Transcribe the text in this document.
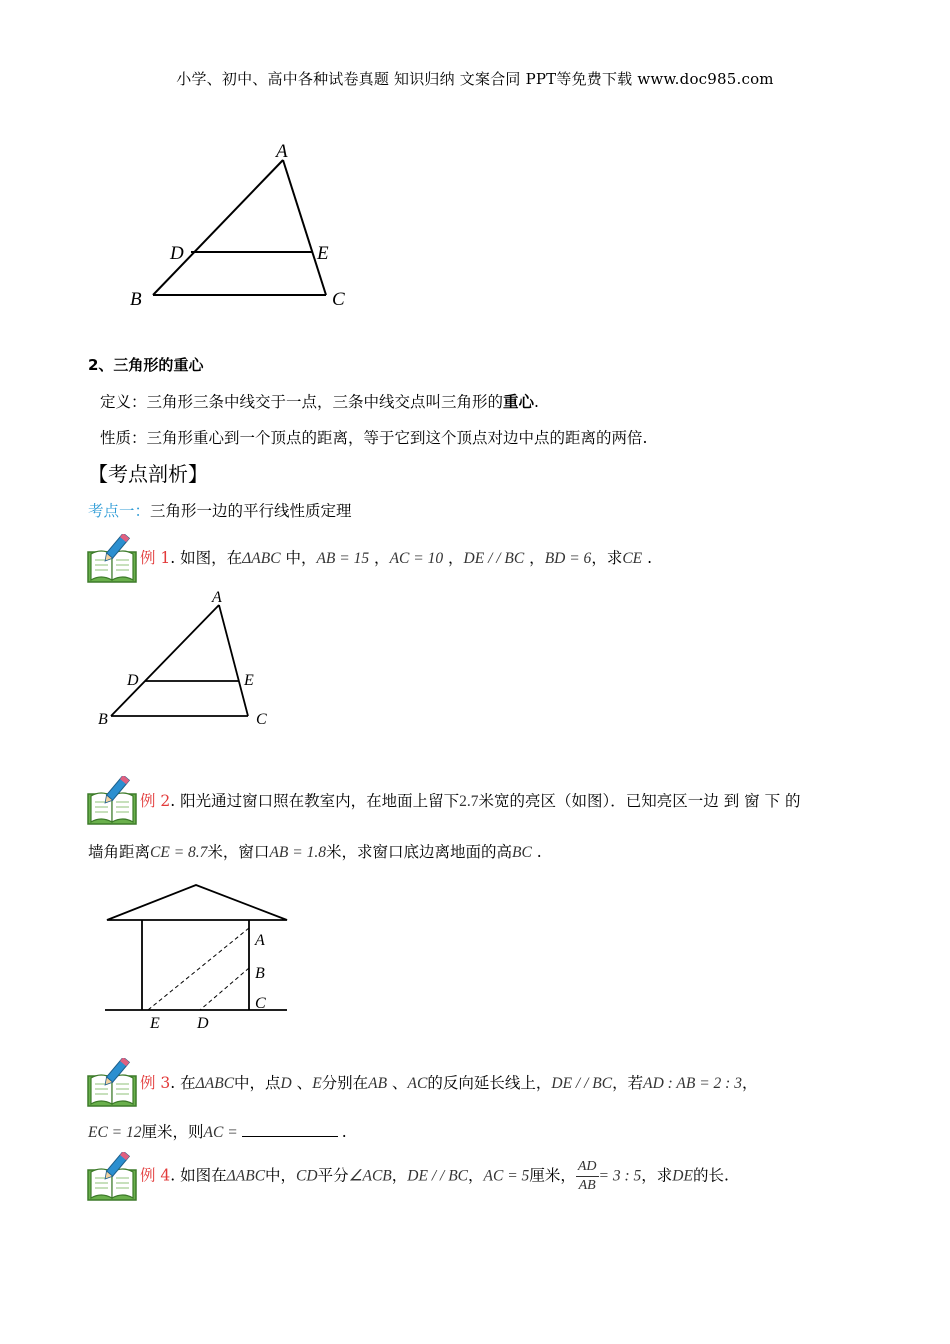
小学、初中、高中各种试卷真题 知识归纳 文案合同 PPT等免费下载 www.doc985.com
A
D	E
B	C
2、三角形的重心
定义：三角形三条中线交于一点，三条中线交点叫三角形的重心.
性质：三角形重心到一个顶点的距离，等于它到这个顶点对边中点的距离的两倍.
【考点剖析】
考点一：三角形一边的平行线性质定理
例 1. 如图，在ΔABC 中，AB = 15 ，AC = 10 ，DE / / BC ，BD = 6，求CE .
A
D	E
B	C
例 2. 阳光通过窗口照在教室内，在地面上留下2.7米宽的亮区（如图）．已知亮区一边 到 窗 下 的
墙角距离CE = 8.7米，窗口AB = 1.8米，求窗口底边离地面的高BC .
A
B
C
E D
例 3. 在ΔABC中，点D 、E分别在AB 、AC的反向延长线上，DE / / BC，若AD : AB = 2 : 3，
EC = 12厘米，则AC =	.
例 4. 如图在ΔABC中，CD平分∠ACB，DE / / BC，AC = 5厘米， $\frac{AD}{AB} = 3$ : 5，求DE的长.
